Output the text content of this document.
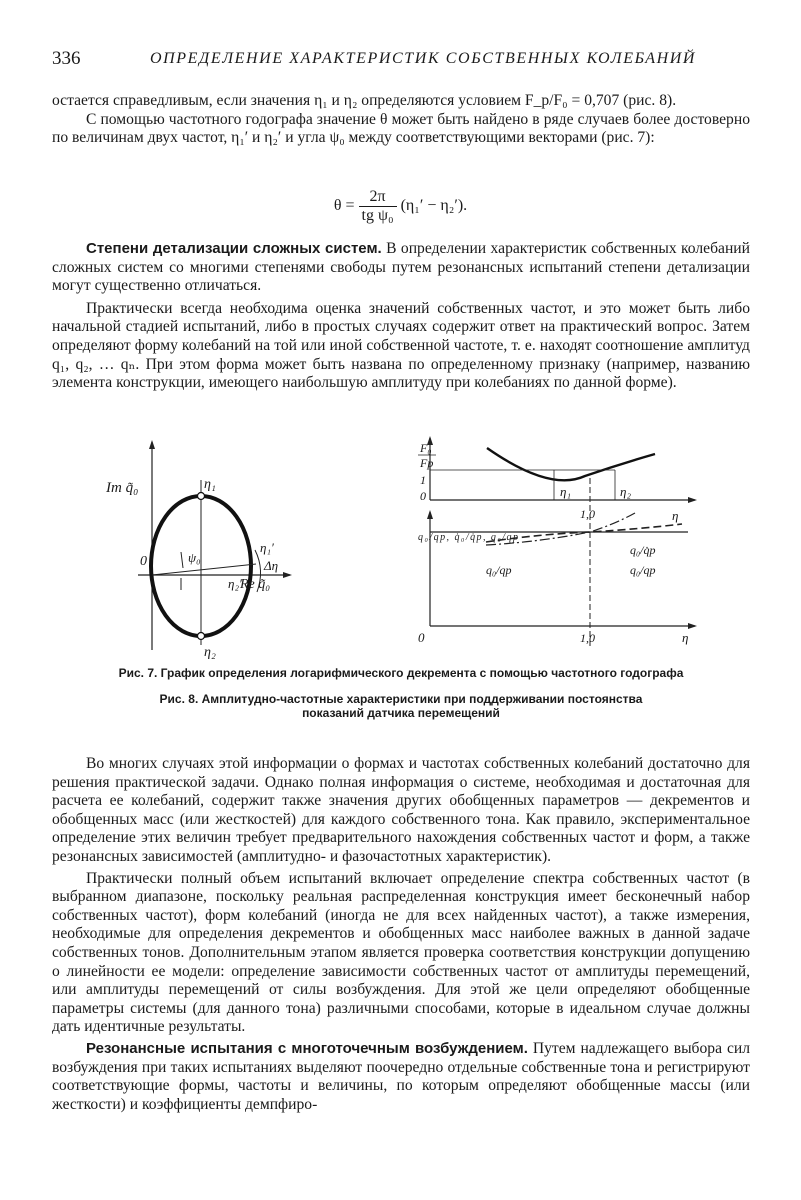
336	ОПРЕДЕЛЕНИЕ ХАРАКТЕРИСТИК СОБСТВЕННЫХ КОЛЕБАНИЙ

остается справедливым, если значения η₁ и η₂ определяются условием F_р/F₀ = 0,707 (рис. 8).

С помощью частотного годографа значение θ может быть найдено в ряде случаев более достоверно по величинам двух частот, η₁′ и η₂′ и угла ψ₀ между соответствующими векторами (рис. 7):

$\theta = \frac{2\pi}{\text{tg ψ₀}} (\eta_1' - \eta_2')$.

Степени детализации сложных систем. В определении характеристик собственных колебаний сложных систем со многими степенями свободы путем резонансных испытаний степени детализации могут существенно отличаться.

Практически всегда необходима оценка значений собственных частот, и это может быть либо начальной стадией испытаний, либо в простых случаях содержит ответ на практический вопрос. Затем определяют форму колебаний на той или иной собственной частоте, т. е. находят соотношение амплитуд q₁, q₂, … qₙ. При этом форма может быть названа по определенному признаку (например, названию элемента конструкции, имеющего наибольшую амплитуду при колебаниях по данной форме).

Im q̃₀
Re q̃₀
0
η₁
η₂
η₁′
η₂′
ψ₀
Δη
F₀
Fр
1
0	η₁	η₂
1,0	η
q₀/qр, q̇₀/q̇р, q₀/qр
q₀/qр
q₀/q̇р
q₀/qр
0	1,0	η
Рис. 7. График определения логарифмического декремента с помощью частотного годографа
Рис. 8. Амплитудно-частотные характеристики при поддерживании постоянства показаний датчика перемещений

Во многих случаях этой информации о формах и частотах собственных колебаний достаточно для решения практической задачи. Однако полная информация о системе, необходимая и достаточная для расчета ее колебаний, содержит также значения других обобщенных параметров — декрементов и обобщенных масс (или жесткостей) для каждого собственного тона. Как правило, экспериментальное определение этих величин требует предварительного нахождения собственных частот и форм, а также резонансных зависимостей (амплитудно- и фазочастотных характеристик).

Практически полный объем испытаний включает определение спектра собственных частот (в выбранном диапазоне, поскольку реальная распределенная конструкция имеет бесконечный набор собственных частот), форм колебаний (иногда не для всех найденных частот), а также измерения, необходимые для определения декрементов и обобщенных масс наиболее важных в данной задаче собственных тонов. Дополнительным этапом является проверка соответствия конструкции допущению о линейности ее модели: определение зависимости собственных частот от амплитуды перемещений, или амплитуды перемещений от силы возбуждения. Для этой же цели определяют обобщенные параметры системы (для данного тона) различными способами, которые в идеальном случае должны дать идентичные результаты.

Резонансные испытания с многоточечным возбуждением. Путем надлежащего выбора сил возбуждения при таких испытаниях выделяют поочередно отдельные собственные тона и регистрируют соответствующие формы, частоты и величины, по которым определяют обобщенные массы (или жесткости) и коэффициенты демпфиро-
